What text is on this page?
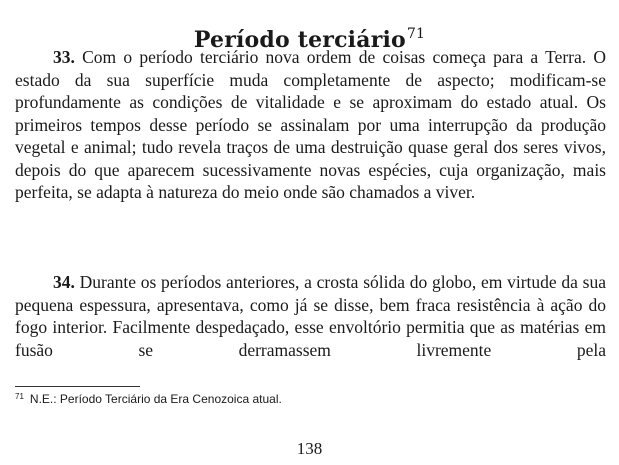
Período terciário$^{71}$

33. Com o período terciário nova ordem de coisas começa para a Terra. O estado da sua superfície muda completamente de aspecto; modificam-se profundamente as condições de vitalidade e se aproximam do estado atual. Os primeiros tempos desse período se assinalam por uma interrupção da produção vegetal e animal; tudo revela traços de uma destruição quase geral dos seres vivos, depois do que aparecem sucessivamente novas espécies, cuja organização, mais perfeita, se adapta à natureza do meio onde são chamados a viver.

34. Durante os períodos anteriores, a crosta sólida do globo, em virtude da sua pequena espessura, apresentava, como já se disse, bem fraca resistência à ação do fogo interior. Facilmente despedaçado, esse envoltório permitia que as matérias em fusão se derramassem livremente pela

$^{71}$ N.E.: Período Terciário da Era Cenozoica atual.
138
